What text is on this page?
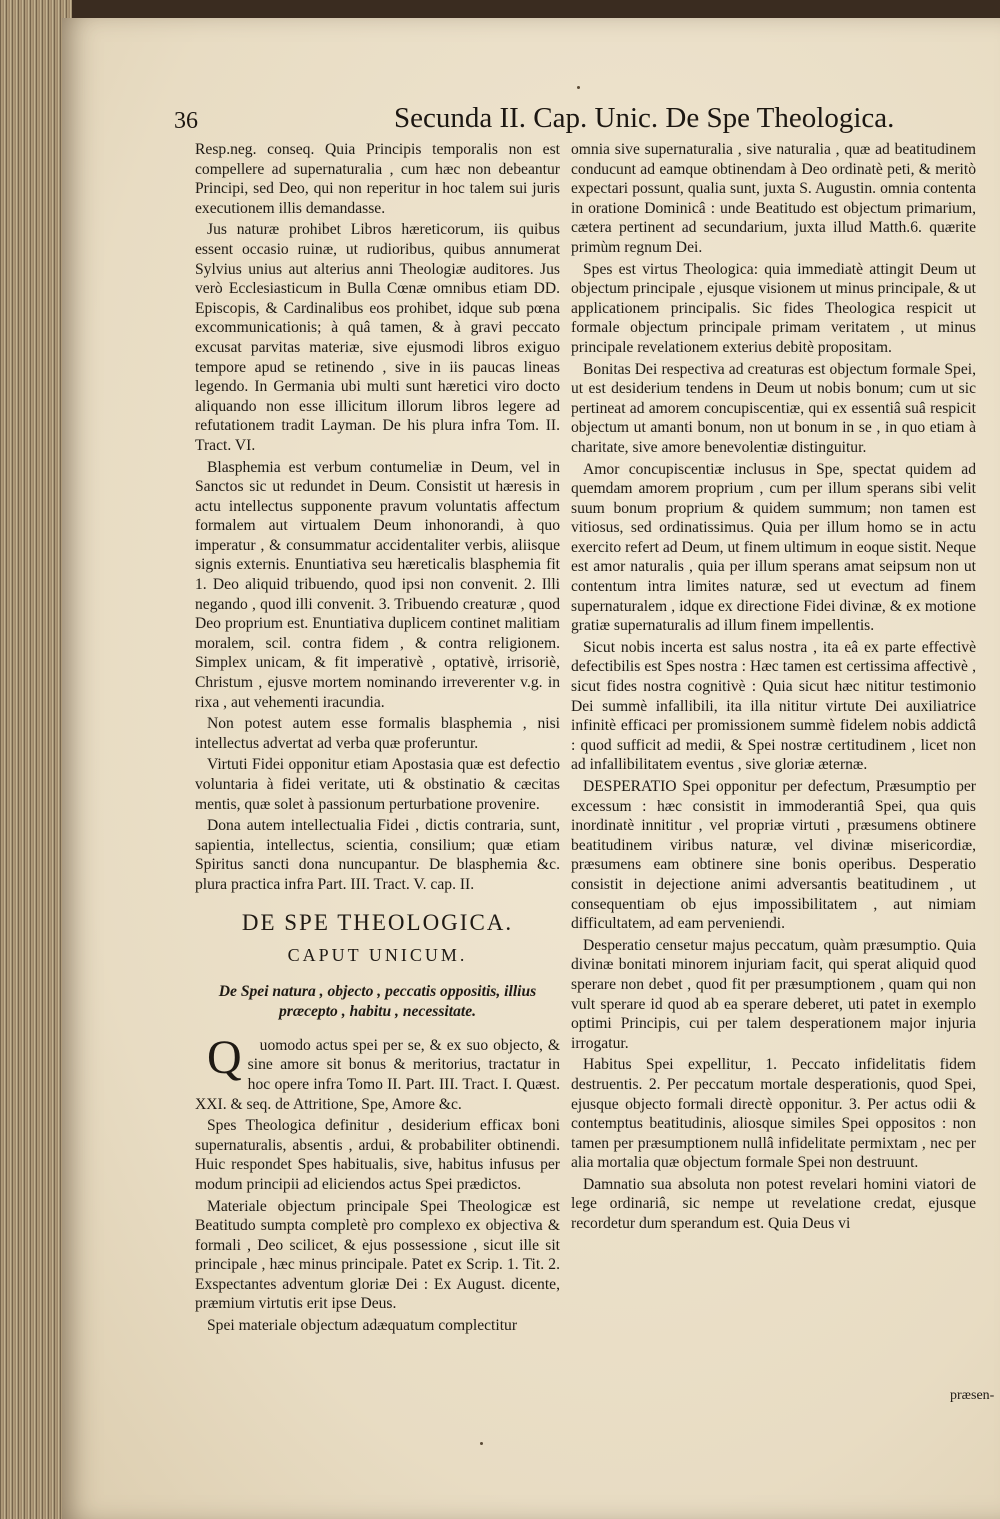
36	Secunda II. Cap. Unic. De Spe Theologica.

Resp.neg. conseq. Quia Principis temporalis non est compellere ad supernaturalia , cum hæc non debeantur Principi, sed Deo, qui non reperitur in hoc talem sui juris executionem illis demandasse.

Jus naturæ prohibet Libros hæreticorum, iis quibus essent occasio ruinæ, ut rudioribus, quibus annumerat Sylvius unius aut alterius anni Theologiæ auditores. Jus verò Ecclesiasticum in Bulla Cœnæ omnibus etiam DD. Episcopis, & Cardinalibus eos prohibet, idque sub pœna excommunicationis; à quâ tamen, & à gravi peccato excusat parvitas materiæ, sive ejusmodi libros exiguo tempore apud se retinendo , sive in iis paucas lineas legendo. In Germania ubi multi sunt hæretici viro docto aliquando non esse illicitum illorum libros legere ad refutationem tradit Layman. De his plura infra Tom. II. Tract. VI.

Blasphemia est verbum contumeliæ in Deum, vel in Sanctos sic ut redundet in Deum. Consistit ut hæresis in actu intellectus supponente pravum voluntatis affectum formalem aut virtualem Deum inhonorandi, à quo imperatur , & consummatur accidentaliter verbis, aliisque signis externis. Enuntiativa seu hæreticalis blasphemia fit 1. Deo aliquid tribuendo, quod ipsi non convenit. 2. Illi negando , quod illi convenit. 3. Tribuendo creaturæ , quod Deo proprium est. Enuntiativa duplicem continet malitiam moralem, scil. contra fidem , & contra religionem. Simplex unicam, & fit imperativè , optativè, irrisoriè, Christum , ejusve mortem nominando irreverenter v.g. in rixa , aut vehementi iracundia.

Non potest autem esse formalis blasphemia , nisi intellectus advertat ad verba quæ proferuntur.

Virtuti Fidei opponitur etiam Apostasia quæ est defectio voluntaria à fidei veritate, uti & obstinatio & cæcitas mentis, quæ solet à passionum perturbatione provenire.

Dona autem intellectualia Fidei , dictis contraria, sunt, sapientia, intellectus, scientia, consilium; quæ etiam Spiritus sancti dona nuncupantur. De blasphemia &c. plura practica infra Part. III. Tract. V. cap. II.

DE SPE THEOLOGICA.
CAPUT UNICUM.
De Spei natura , objecto , peccatis oppositis, illius præcepto , habitu , necessitate.

Q uomodo actus spei per se, & ex suo objecto, & sine amore sit bonus & meritorius, tractatur in hoc opere infra Tomo II. Part. III. Tract. I. Quæst. XXI. & seq. de Attritione, Spe, Amore &c.

Spes Theologica definitur , desiderium efficax boni supernaturalis, absentis , ardui, & probabiliter obtinendi. Huic respondet Spes habitualis, sive, habitus infusus per modum principii ad eliciendos actus Spei prædictos.

Materiale objectum principale Spei Theologicæ est Beatitudo sumpta completè pro complexo ex objectiva & formali , Deo scilicet, & ejus possessione , sicut ille sit principale , hæc minus principale. Patet ex Scrip. 1. Tit. 2. Exspectantes adventum gloriæ Dei : Ex August. dicente, præmium virtutis erit ipse Deus.

Spei materiale objectum adæquatum complectitur

omnia sive supernaturalia , sive naturalia , quæ ad beatitudinem conducunt ad eamque obtinendam à Deo ordinatè peti, & meritò expectari possunt, qualia sunt, juxta S. Augustin. omnia contenta in oratione Dominicâ : unde Beatitudo est objectum primarium, cætera pertinent ad secundarium, juxta illud Matth.6. quærite primùm regnum Dei.

Spes est virtus Theologica: quia immediatè attingit Deum ut objectum principale , ejusque visionem ut minus principale, & ut applicationem principalis. Sic fides Theologica respicit ut formale objectum principale primam veritatem , ut minus principale revelationem exterius debitè propositam.

Bonitas Dei respectiva ad creaturas est objectum formale Spei, ut est desiderium tendens in Deum ut nobis bonum; cum ut sic pertineat ad amorem concupiscentiæ, qui ex essentiâ suâ respicit objectum ut amanti bonum, non ut bonum in se , in quo etiam à charitate, sive amore benevolentiæ distinguitur.

Amor concupiscentiæ inclusus in Spe, spectat quidem ad quemdam amorem proprium , cum per illum sperans sibi velit suum bonum proprium & quidem summum; non tamen est vitiosus, sed ordinatissimus. Quia per illum homo se in actu exercito refert ad Deum, ut finem ultimum in eoque sistit. Neque est amor naturalis , quia per illum sperans amat seipsum non ut contentum intra limites naturæ, sed ut evectum ad finem supernaturalem , idque ex directione Fidei divinæ, & ex motione gratiæ supernaturalis ad illum finem impellentis.

Sicut nobis incerta est salus nostra , ita eâ ex parte effectivè defectibilis est Spes nostra : Hæc tamen est certissima affectivè , sicut fides nostra cognitivè : Quia sicut hæc nititur testimonio Dei summè infallibili, ita illa nititur virtute Dei auxiliatrice infinitè efficaci per promissionem summè fidelem nobis addictâ : quod sufficit ad medii, & Spei nostræ certitudinem , licet non ad infallibilitatem eventus , sive gloriæ æternæ.

DESPERATIO Spei opponitur per defectum, Præsumptio per excessum : hæc consistit in immoderantiâ Spei, qua quis inordinatè innititur , vel propriæ virtuti , præsumens obtinere beatitudinem viribus naturæ, vel divinæ misericordiæ, præsumens eam obtinere sine bonis operibus. Desperatio consistit in dejectione animi adversantis beatitudinem , ut consequentiam ob ejus impossibilitatem , aut nimiam difficultatem, ad eam perveniendi.

Desperatio censetur majus peccatum, quàm præsumptio. Quia divinæ bonitati minorem injuriam facit, qui sperat aliquid quod sperare non debet , quod fit per præsumptionem , quam qui non vult sperare id quod ab ea sperare deberet, uti patet in exemplo optimi Principis, cui per talem desperationem major injuria irrogatur.

Habitus Spei expellitur, 1. Peccato infidelitatis fidem destruentis. 2. Per peccatum mortale desperationis, quod Spei, ejusque objecto formali directè opponitur. 3. Per actus odii & contemptus beatitudinis, aliosque similes Spei oppositos : non tamen per præsumptionem nullâ infidelitate permixtam , nec per alia mortalia quæ objectum formale Spei non destruunt.

Damnatio sua absoluta non potest revelari homini viatori de lege ordinariâ, sic nempe ut revelatione credat, ejusque recordetur dum sperandum est. Quia Deus vi

præsen-
